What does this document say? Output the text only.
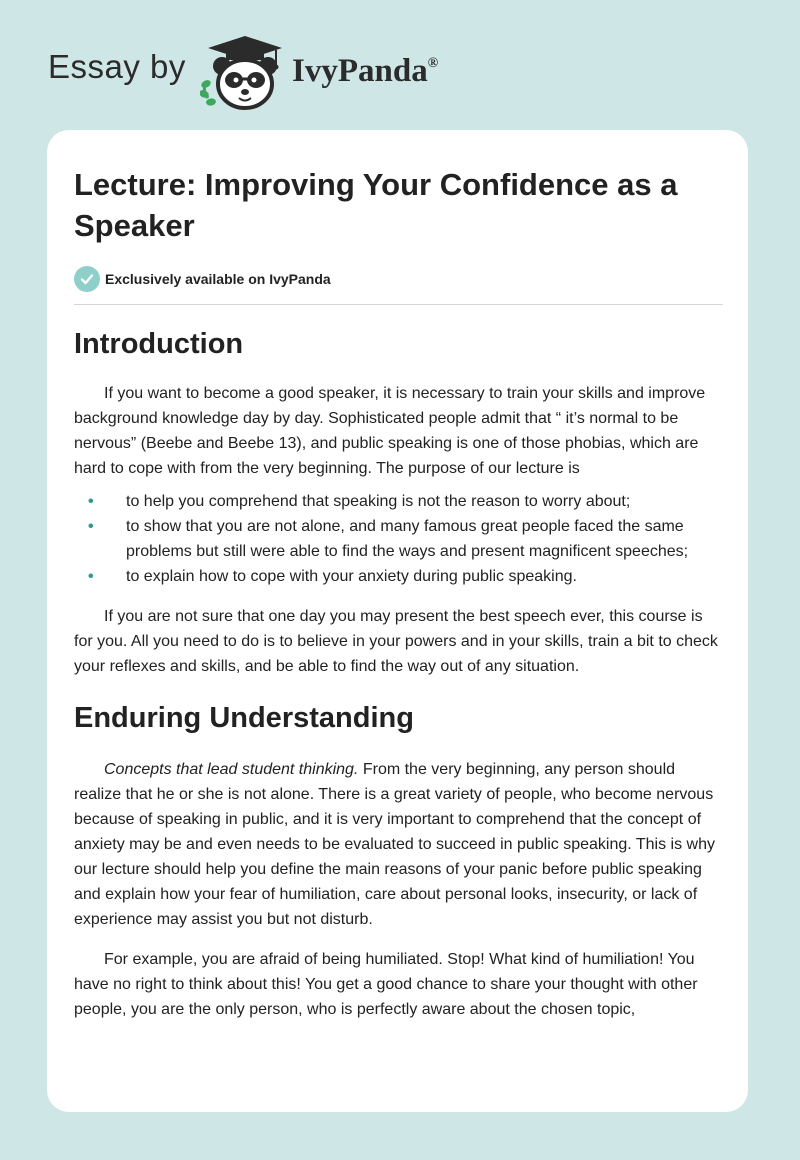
Essay by	IvyPanda®
Lecture: Improving Your Confidence as a Speaker
Exclusively available on IvyPanda
Introduction

If you want to become a good speaker, it is necessary to train your skills and improve background knowledge day by day. Sophisticated people admit that “ it’s normal to be nervous” (Beebe and Beebe 13), and public speaking is one of those phobias, which are hard to cope with from the very beginning. The purpose of our lecture is

• to help you comprehend that speaking is not the reason to worry about;
• to show that you are not alone, and many famous great people faced the same problems but still were able to find the ways and present magnificent speeches;
• to explain how to cope with your anxiety during public speaking.

If you are not sure that one day you may present the best speech ever, this course is for you. All you need to do is to believe in your powers and in your skills, train a bit to check your reflexes and skills, and be able to find the way out of any situation.

Enduring Understanding

Concepts that lead student thinking. From the very beginning, any person should realize that he or she is not alone. There is a great variety of people, who become nervous because of speaking in public, and it is very important to comprehend that the concept of anxiety may be and even needs to be evaluated to succeed in public speaking. This is why our lecture should help you define the main reasons of your panic before public speaking and explain how your fear of humiliation, care about personal looks, insecurity, or lack of experience may assist you but not disturb.

For example, you are afraid of being humiliated. Stop! What kind of humiliation! You have no right to think about this! You get a good chance to share your thought with other people, you are the only person, who is perfectly aware about the chosen topic,
